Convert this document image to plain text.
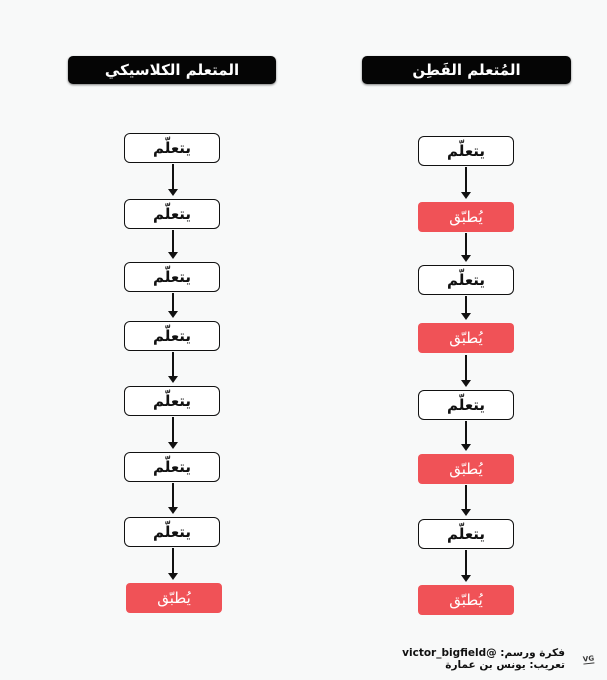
المتعلم الكلاسيكي	المُتعلم الفَطِن
يتعلّم
يتعلّم
يتعلّم
يتعلّم
يتعلّم
يتعلّم
يتعلّم
يُطبّق
يتعلّم
يُطبّق
يتعلّم
يُطبّق
يتعلّم
يُطبّق
يتعلّم
يُطبّق
فكرة ورسم: @victor_bigfield
تعريب: يونس بن عمارة	VG
